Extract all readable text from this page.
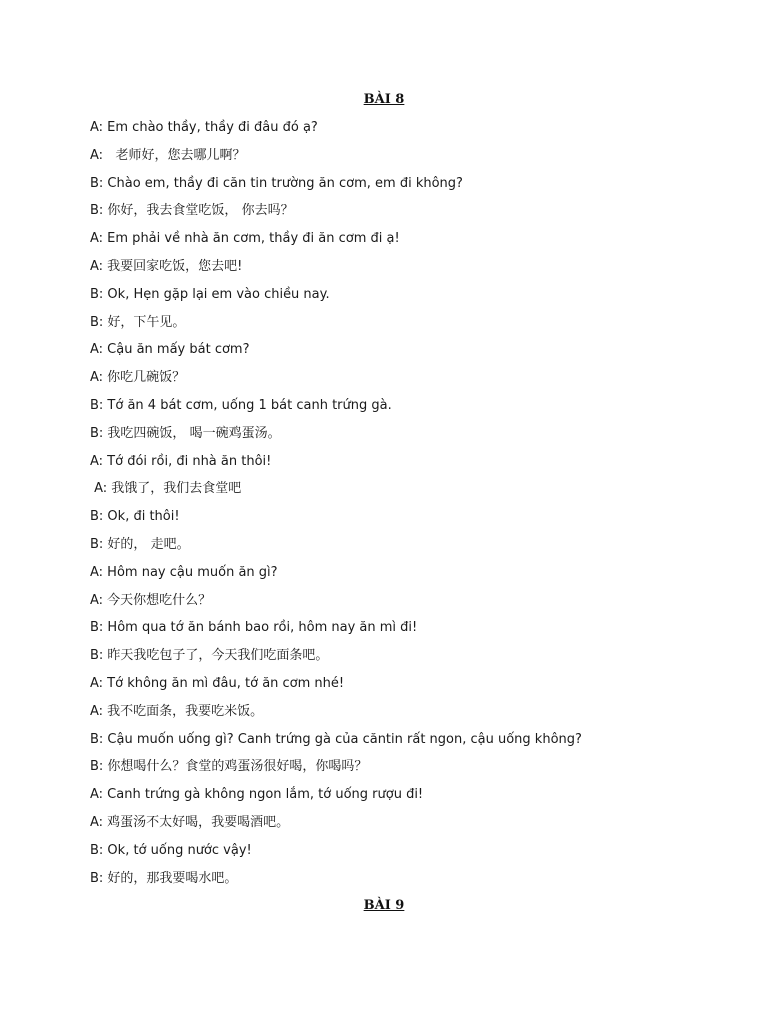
BÀI 8
A: Em chào thầy, thầy đi đâu đó ạ?
A:   老师好，您去哪儿啊？
B: Chào em, thầy đi căn tin trường ăn cơm, em đi không?
B: 你好，我去食堂吃饭， 你去吗？
A: Em phải về nhà ăn cơm, thầy đi ăn cơm đi ạ!
A: 我要回家吃饭，您去吧!
B: Ok, Hẹn gặp lại em vào chiều nay.
B: 好，下午见。
A: Cậu ăn mấy bát cơm?
A: 你吃几碗饭？
B: Tớ ăn 4 bát cơm, uống 1 bát canh trứng gà.
B: 我吃四碗饭， 喝一碗鸡蛋汤。
A: Tớ đói rồi, đi nhà ăn thôi!
A: 我饿了，我们去食堂吧
B: Ok, đi thôi!
B: 好的， 走吧。
A: Hôm nay cậu muốn ăn gì?
A: 今天你想吃什么？
B: Hôm qua tớ ăn bánh bao rồi, hôm nay ăn mì đi!
B: 昨天我吃包子了，今天我们吃面条吧。
A: Tớ không ăn mì đâu, tớ ăn cơm nhé!
A: 我不吃面条，我要吃米饭。
B: Cậu muốn uống gì? Canh trứng gà của căntin rất ngon, cậu uống không?
B: 你想喝什么？食堂的鸡蛋汤很好喝，你喝吗？
A: Canh trứng gà không ngon lắm, tớ uống rượu đi!
A: 鸡蛋汤不太好喝，我要喝酒吧。
B: Ok, tớ uống nước vậy!
B: 好的，那我要喝水吧。
BÀI 9
